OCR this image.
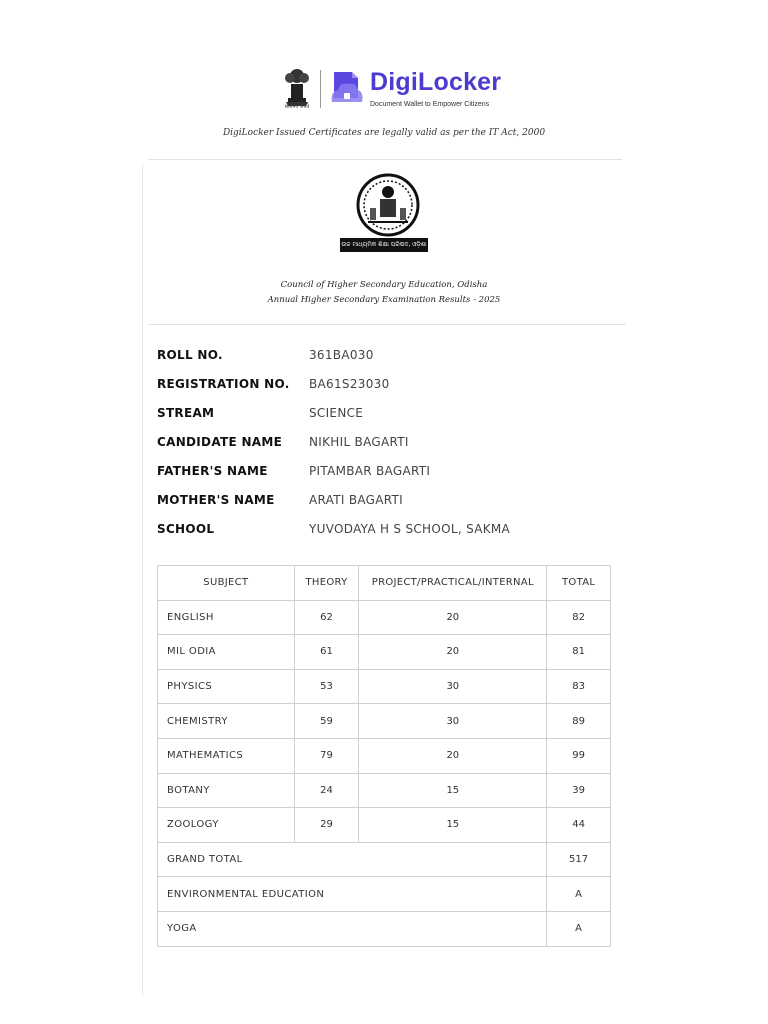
सत्यमेव जयते
DigiLocker
Document Wallet to Empower Citizens
DigiLocker Issued Certificates are legally valid as per the IT Act, 2000
ଉଚ୍ଚ ମାଧ୍ୟମିକ ଶିକ୍ଷା ପରିଷଦ, ଓଡ଼ିଶା
Council of Higher Secondary Education, Odisha
Annual Higher Secondary Examination Results - 2025
ROLL NO.	361BA030
REGISTRATION NO.	BA61S23030
STREAM	SCIENCE
CANDIDATE NAME	NIKHIL BAGARTI
FATHER'S NAME	PITAMBAR BAGARTI
MOTHER'S NAME	ARATI BAGARTI
SCHOOL	YUVODAYA H S SCHOOL, SAKMA
SUBJECT	THEORY	PROJECT/PRACTICAL/INTERNAL	TOTAL
ENGLISH	62	20	82
MIL ODIA	61	20	81
PHYSICS	53	30	83
CHEMISTRY	59	30	89
MATHEMATICS	79	20	99
BOTANY	24	15	39
ZOOLOGY	29	15	44
GRAND TOTAL			517
ENVIRONMENTAL EDUCATION			A
YOGA			A
